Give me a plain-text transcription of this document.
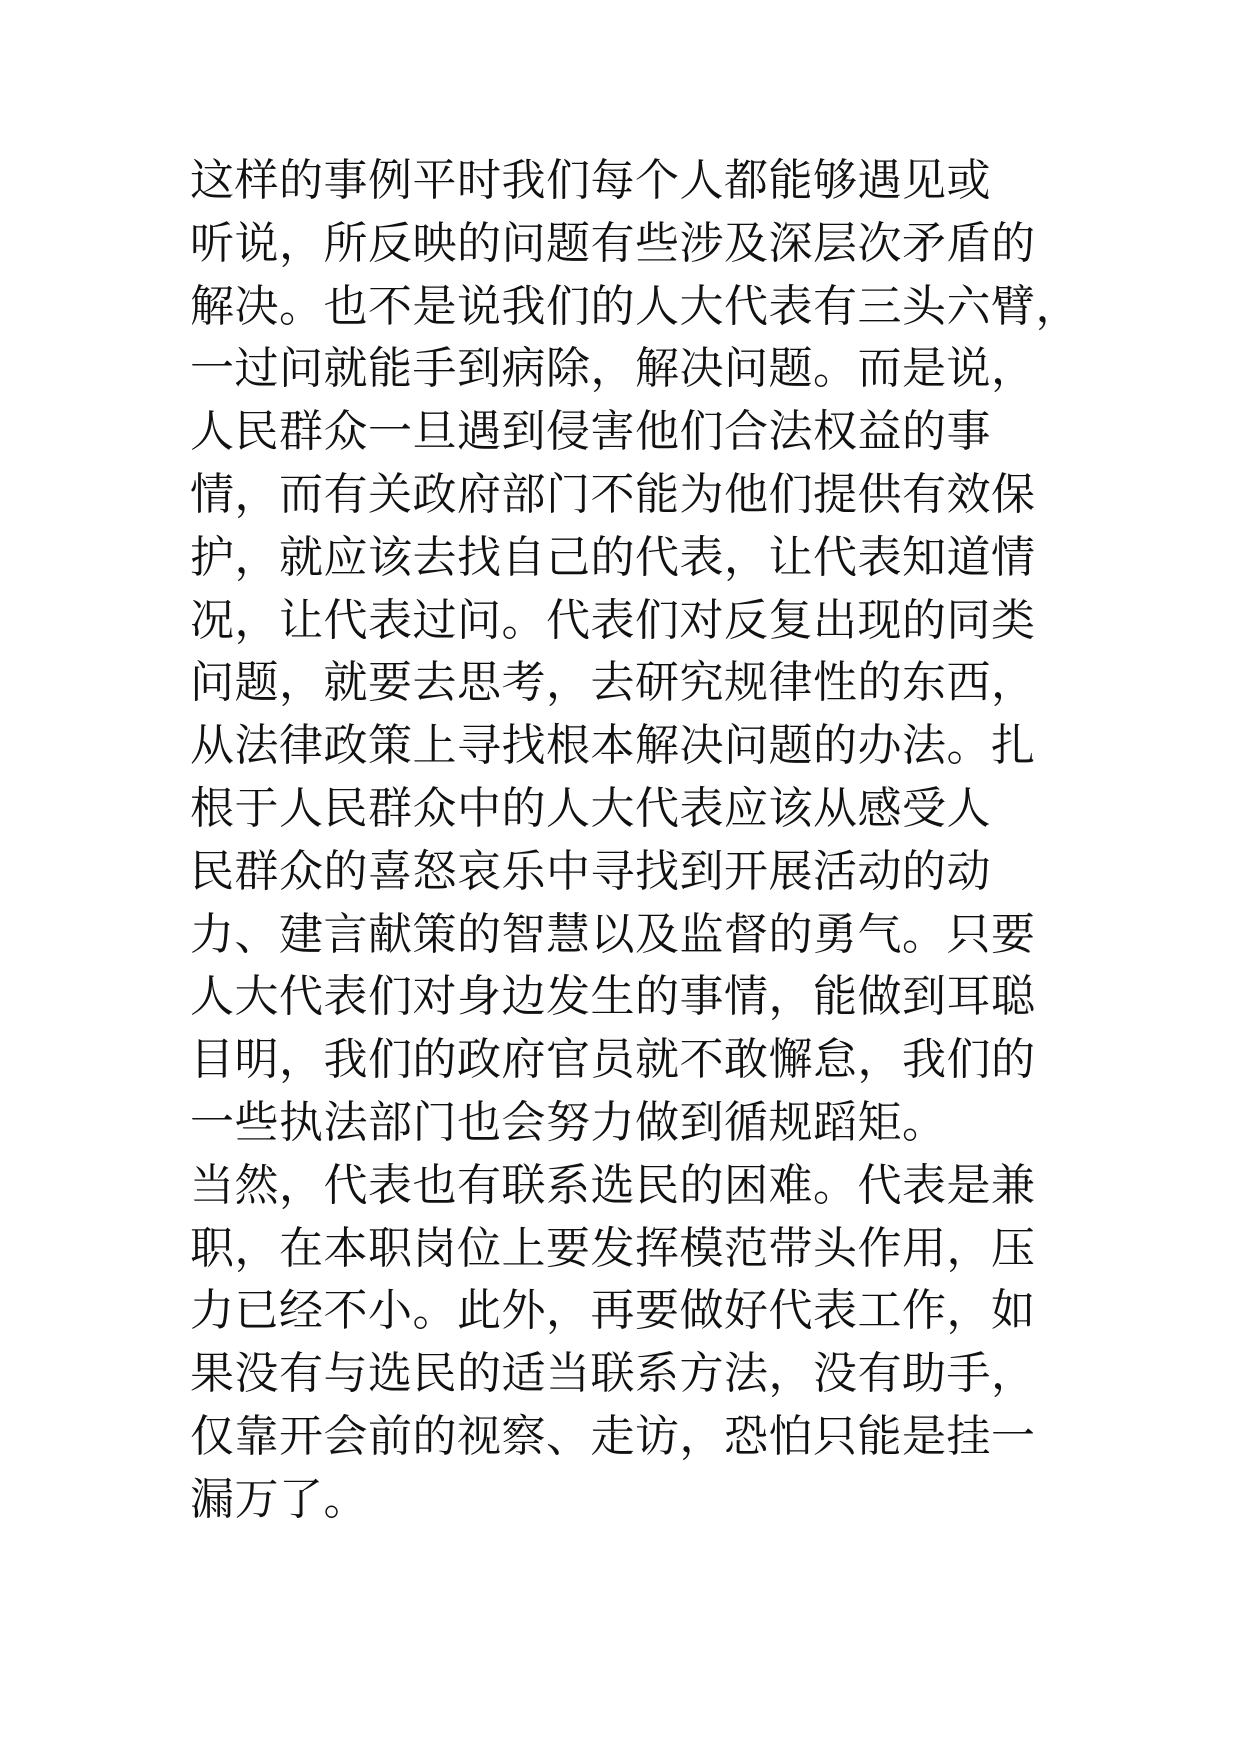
这样的事例平时我们每个人都能够遇见或
听说，所反映的问题有些涉及深层次矛盾的
解决。也不是说我们的人大代表有三头六臂，
一过问就能手到病除，解决问题。而是说，
人民群众一旦遇到侵害他们合法权益的事
情，而有关政府部门不能为他们提供有效保
护，就应该去找自己的代表，让代表知道情
况，让代表过问。代表们对反复出现的同类
问题，就要去思考，去研究规律性的东西，
从法律政策上寻找根本解决问题的办法。扎
根于人民群众中的人大代表应该从感受人
民群众的喜怒哀乐中寻找到开展活动的动
力、建言献策的智慧以及监督的勇气。只要
人大代表们对身边发生的事情，能做到耳聪
目明，我们的政府官员就不敢懈怠，我们的
一些执法部门也会努力做到循规蹈矩。
当然，代表也有联系选民的困难。代表是兼
职，在本职岗位上要发挥模范带头作用，压
力已经不小。此外，再要做好代表工作，如
果没有与选民的适当联系方法，没有助手，
仅靠开会前的视察、走访，恐怕只能是挂一
漏万了。
